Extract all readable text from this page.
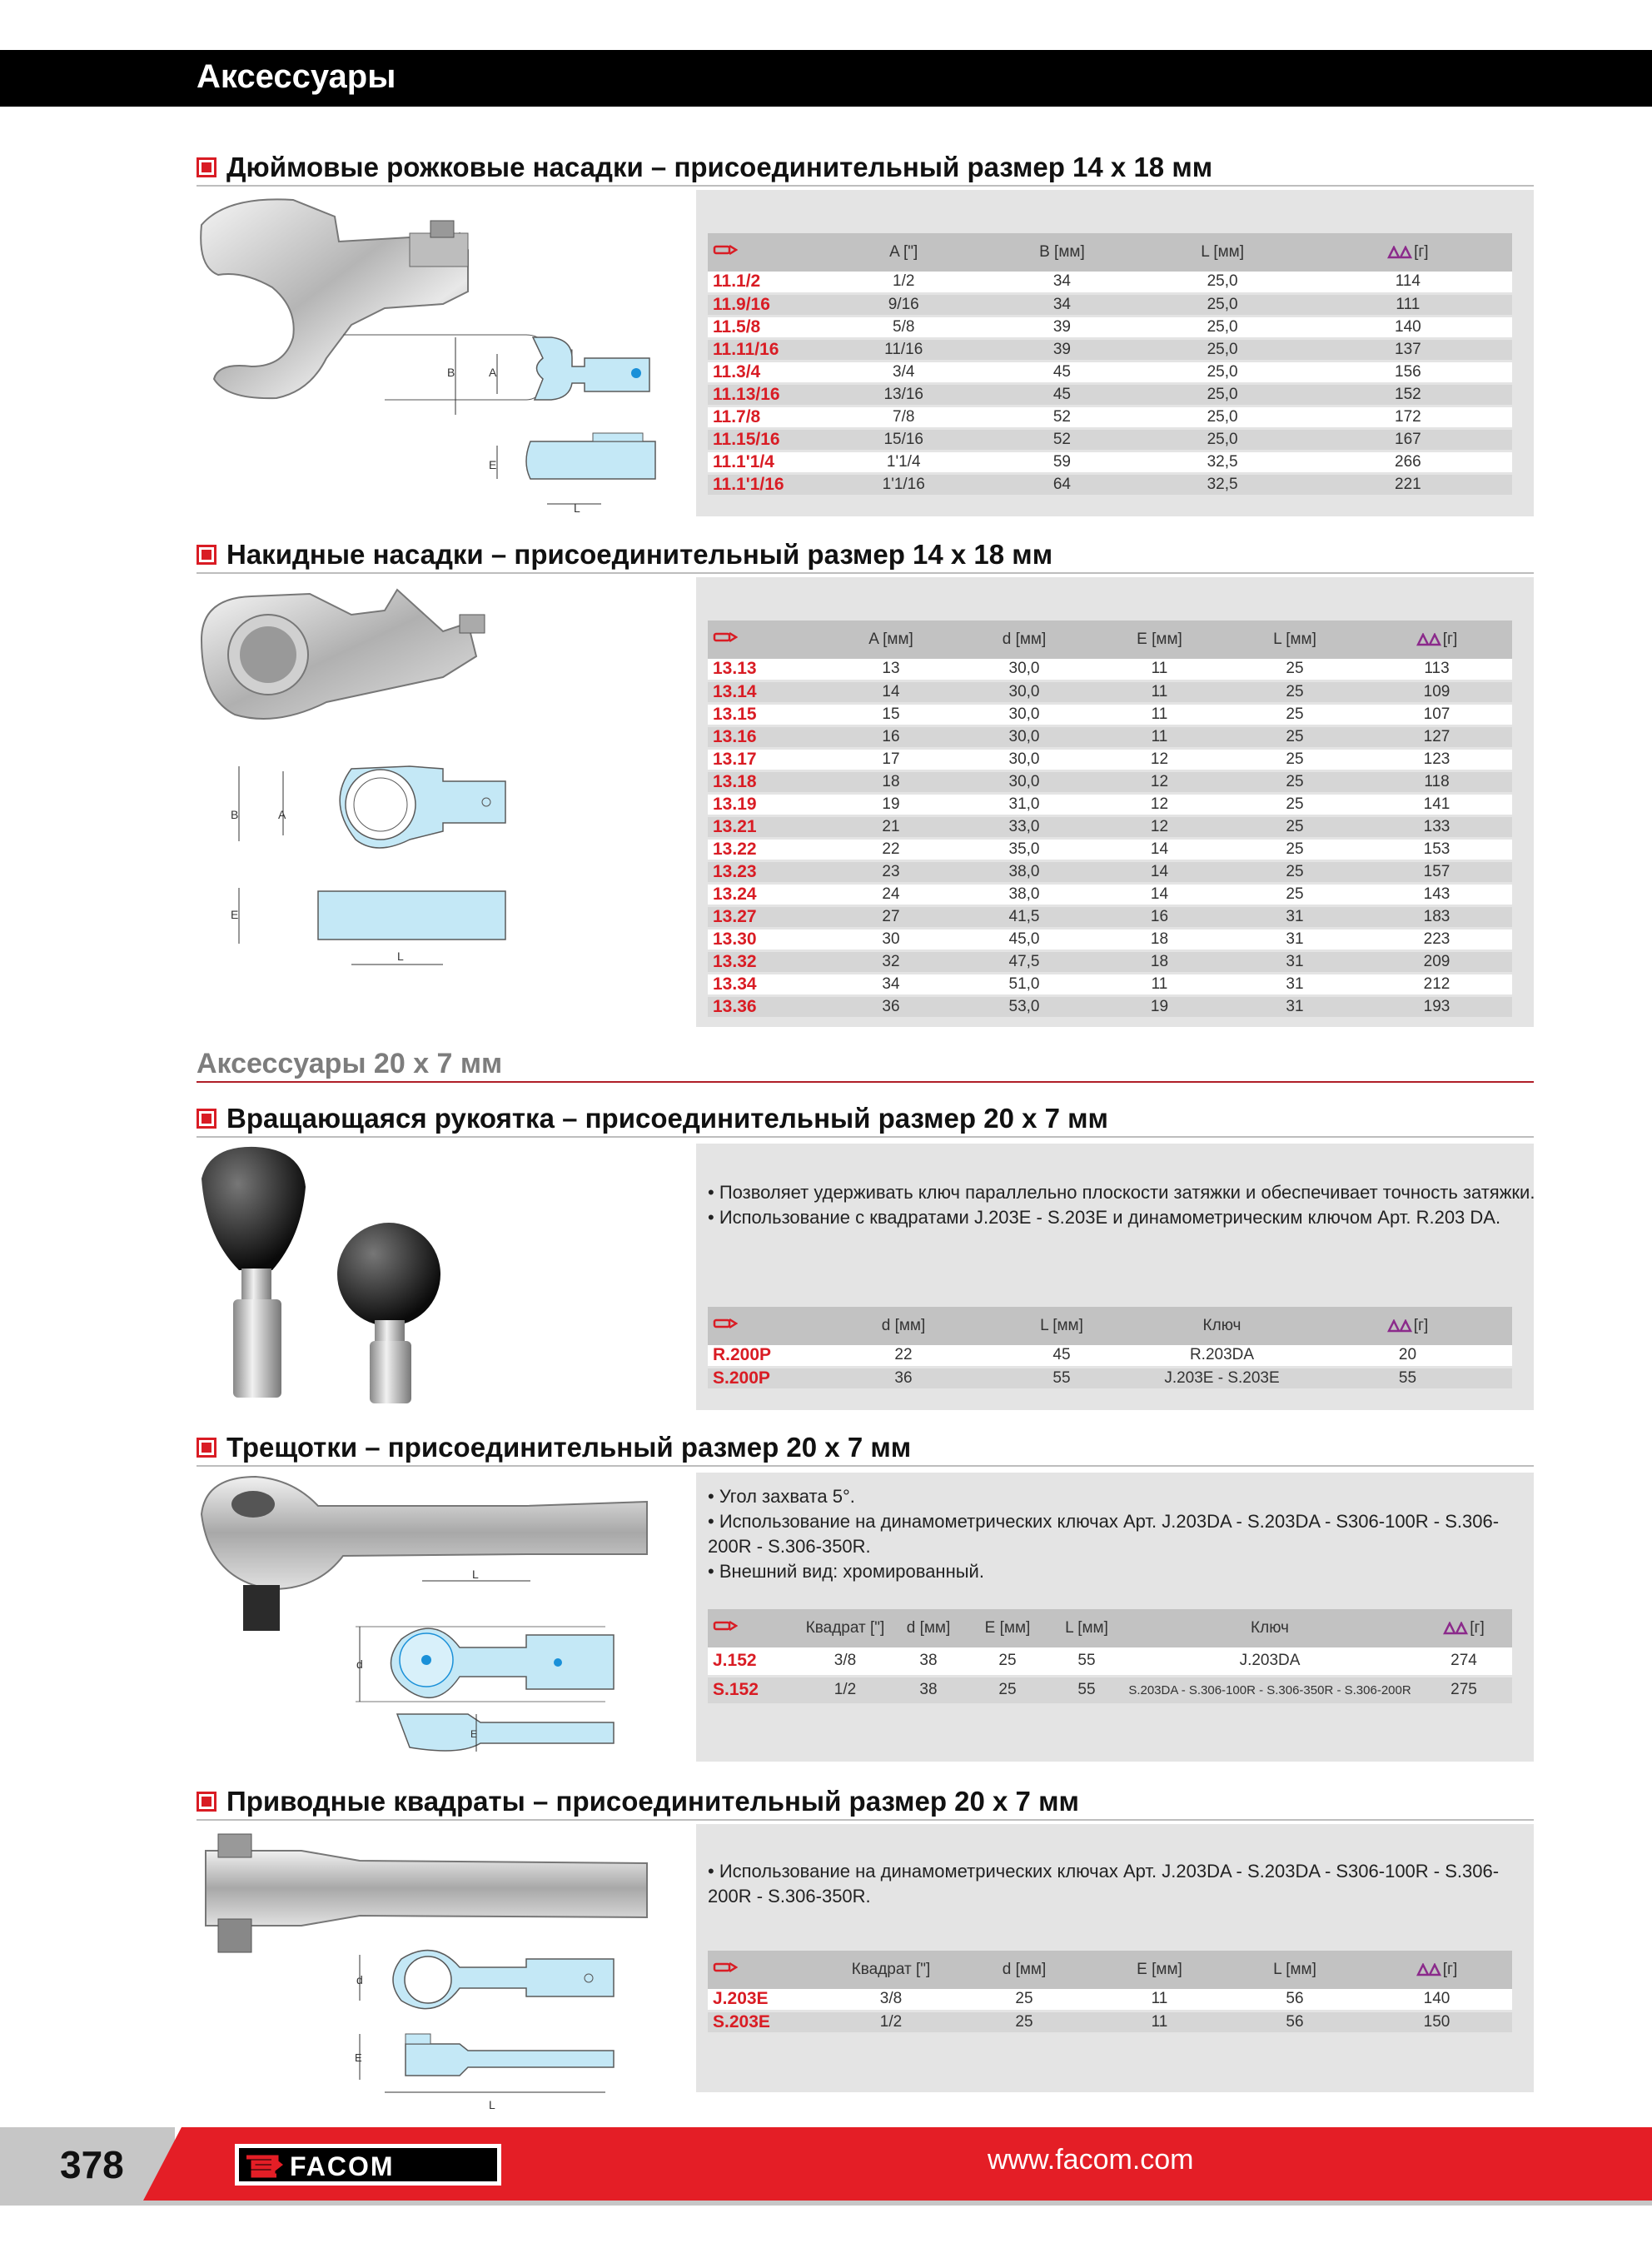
Аксессуары
Дюймовые рожковые насадки – присоединительный размер 14 x 18 мм
B	A
E
L
	A ["]	B [мм]	L [мм]	[г]
11.1/2	1/2	34	25,0	114
11.9/16	9/16	34	25,0	111
11.5/8	5/8	39	25,0	140
11.11/16	11/16	39	25,0	137
11.3/4	3/4	45	25,0	156
11.13/16	13/16	45	25,0	152
11.7/8	7/8	52	25,0	172
11.15/16	15/16	52	25,0	167
11.1'1/4	1'1/4	59	32,5	266
11.1'1/16	1'1/16	64	32,5	221
Накидные насадки – присоединительный размер 14 x 18 мм
B	A
E
L
	A [мм]	d [мм]	E [мм]	L [мм]	[г]
13.13	13	30,0	11	25	113
13.14	14	30,0	11	25	109
13.15	15	30,0	11	25	107
13.16	16	30,0	11	25	127
13.17	17	30,0	12	25	123
13.18	18	30,0	12	25	118
13.19	19	31,0	12	25	141
13.21	21	33,0	12	25	133
13.22	22	35,0	14	25	153
13.23	23	38,0	14	25	157
13.24	24	38,0	14	25	143
13.27	27	41,5	16	31	183
13.30	30	45,0	18	31	223
13.32	32	47,5	18	31	209
13.34	34	51,0	11	31	212
13.36	36	53,0	19	31	193
Аксессуары 20 x 7 мм
Вращающаяся рукоятка – присоединительный размер 20 x 7 мм
• Позволяет удерживать ключ параллельно плоскости затяжки и обеспечивает точность затяжки.
• Использование с квадратами J.203E - S.203E и динамометрическим ключом Арт. R.203 DA.
	d [мм]	L [мм]	Ключ	[г]
R.200P	22	45	R.203DA	20
S.200P	36	55	J.203E - S.203E	55
Трещотки – присоединительный размер 20 x 7 мм
L
d
E
• Угол захвата 5°.
• Использование на динамометрических ключах Арт. J.203DA - S.203DA - S306-100R - S.306-
200R - S.306-350R.
• Внешний вид: хромированный.
	Квадрат ["]	d [мм]	E [мм]	L [мм]	Ключ	[г]
J.152	3/8	38	25	55	J.203DA	274
S.152	1/2	38	25	55	S.203DA - S.306-100R - S.306-350R - S.306-200R	275
Приводные квадраты – присоединительный размер 20 x 7 мм
d
E
L
• Использование на динамометрических ключах Арт. J.203DA - S.203DA - S306-100R - S.306-
200R - S.306-350R.
	Квадрат ["]	d [мм]	E [мм]	L [мм]	[г]
J.203E	3/8	25	11	56	140
S.203E	1/2	25	11	56	150
378	FACOM	www.facom.com
